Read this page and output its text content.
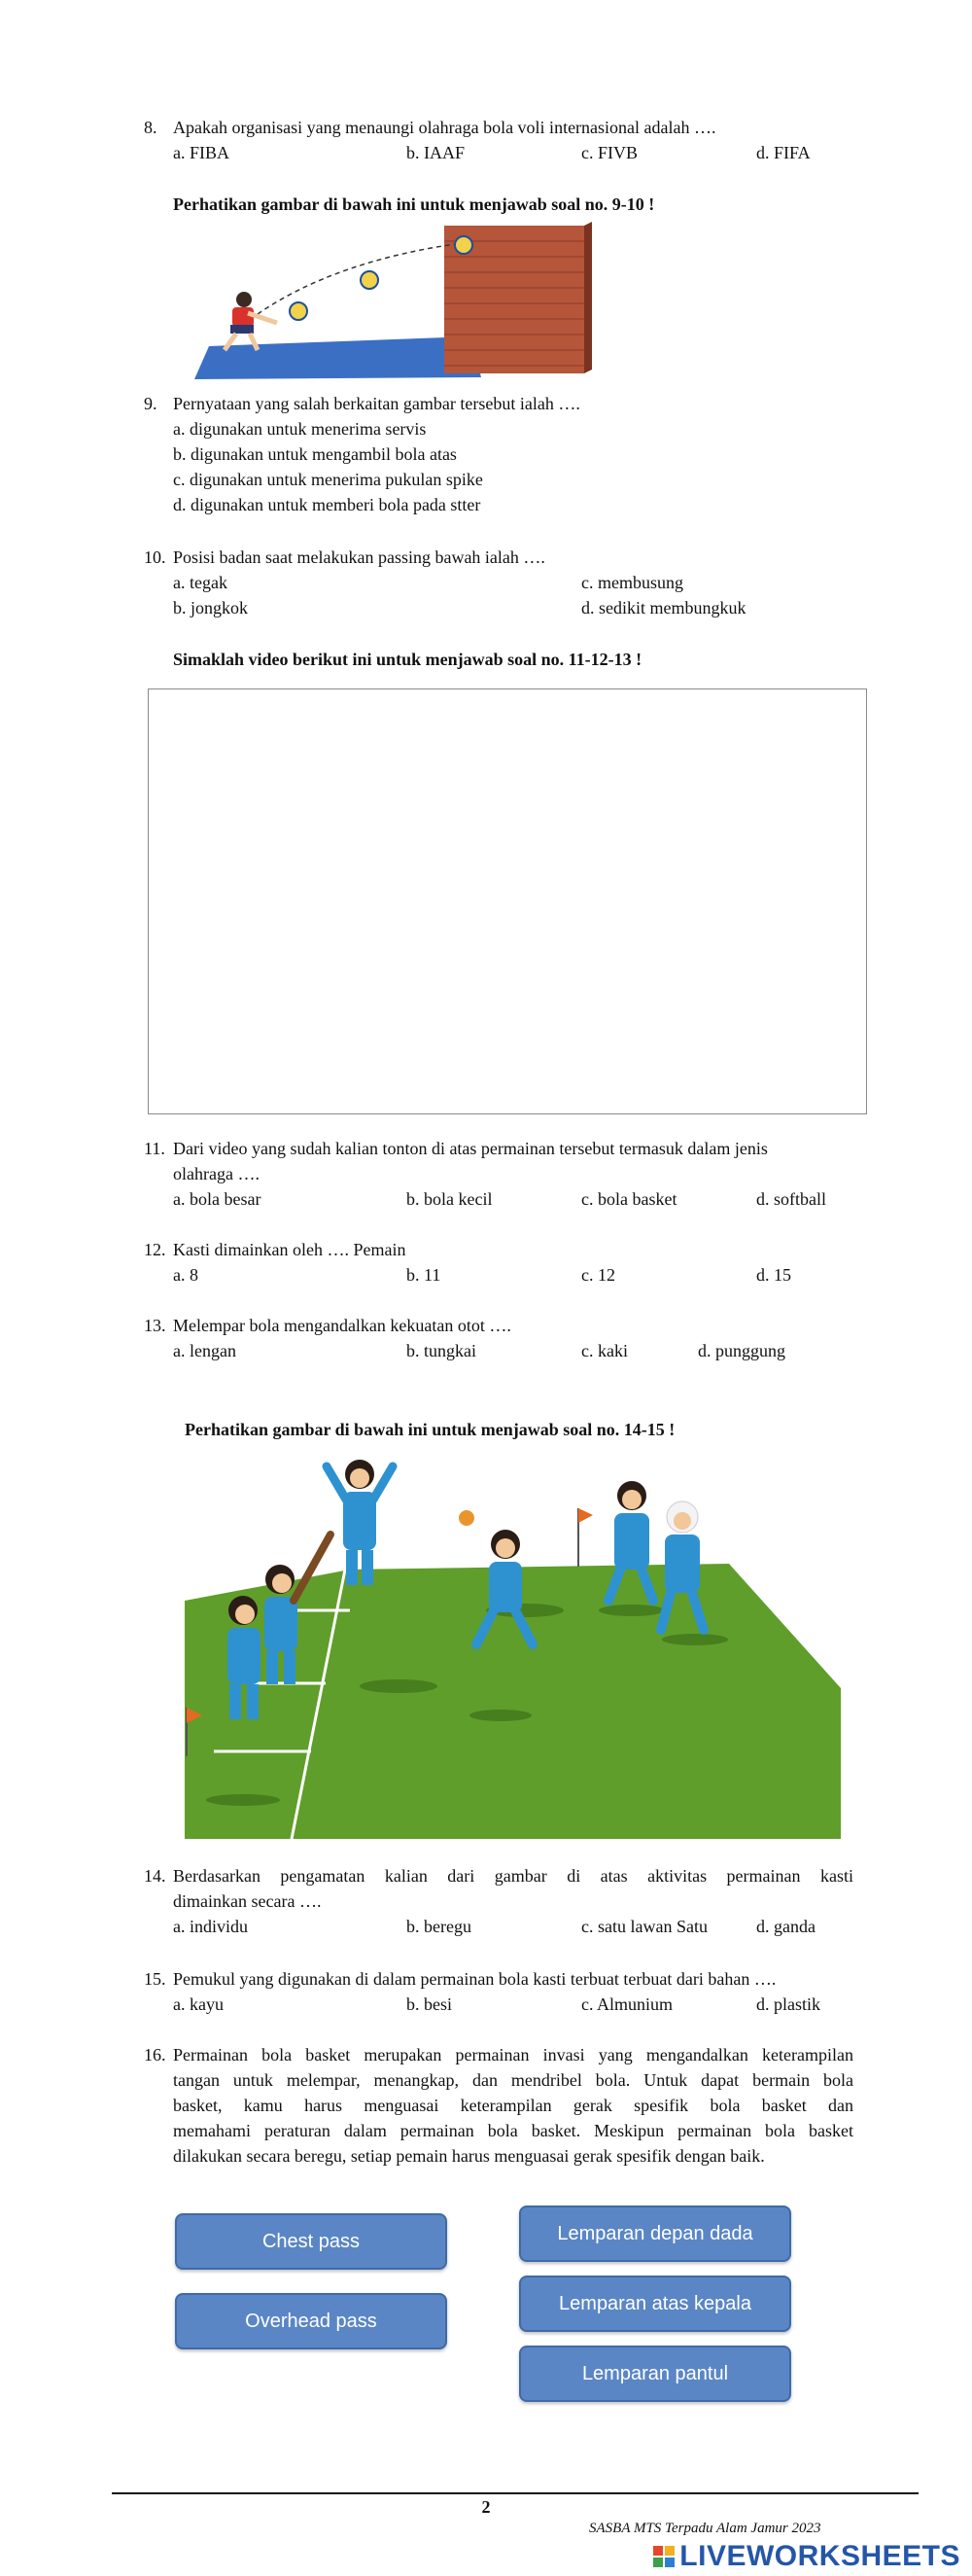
8. Apakah organisasi yang menaungi olahraga bola voli internasional adalah ….
a. FIBA	b. IAAF	c. FIVB	d. FIFA
Perhatikan gambar di bawah ini untuk menjawab soal no. 9-10 !
9. Pernyataan yang salah berkaitan gambar tersebut ialah ….
a. digunakan untuk menerima servis
b. digunakan untuk mengambil bola atas
c. digunakan untuk menerima pukulan spike
d. digunakan untuk memberi bola pada stter
10. Posisi badan saat melakukan passing bawah ialah ….
a. tegak	c. membusung
b. jongkok	d. sedikit membungkuk
Simaklah video berikut ini untuk menjawab soal no. 11-12-13 !
11. Dari video yang sudah kalian tonton di atas permainan tersebut termasuk dalam jenis
olahraga ….
a. bola besar	b. bola kecil	c. bola basket	d. softball
12. Kasti dimainkan oleh …. Pemain
a. 8	b. 11	c. 12	d. 15
13. Melempar bola mengandalkan kekuatan otot ….
a. lengan	b. tungkai	c. kaki	d. punggung
Perhatikan gambar di bawah ini untuk menjawab soal no. 14-15 !
14. Berdasarkan pengamatan kalian dari gambar di atas aktivitas permainan kasti
dimainkan secara ….
a. individu	b. beregu	c. satu lawan Satu	d. ganda
15. Pemukul yang digunakan di dalam permainan bola kasti terbuat terbuat dari bahan ….
a. kayu	b. besi	c. Almunium	d. plastik
16. Permainan bola basket merupakan permainan invasi yang mengandalkan keterampilan
tangan untuk melempar, menangkap, dan mendribel bola. Untuk dapat bermain bola
basket, kamu harus menguasai keterampilan gerak spesifik bola basket dan
memahami peraturan dalam permainan bola basket. Meskipun permainan bola basket
dilakukan secara beregu, setiap pemain harus menguasai gerak spesifik dengan baik.
Chest pass
Overhead pass
Lemparan depan dada
Lemparan atas kepala
Lemparan pantul
2
SASBA MTS Terpadu Alam Jamur 2023
LIVEWORKSHEETS
